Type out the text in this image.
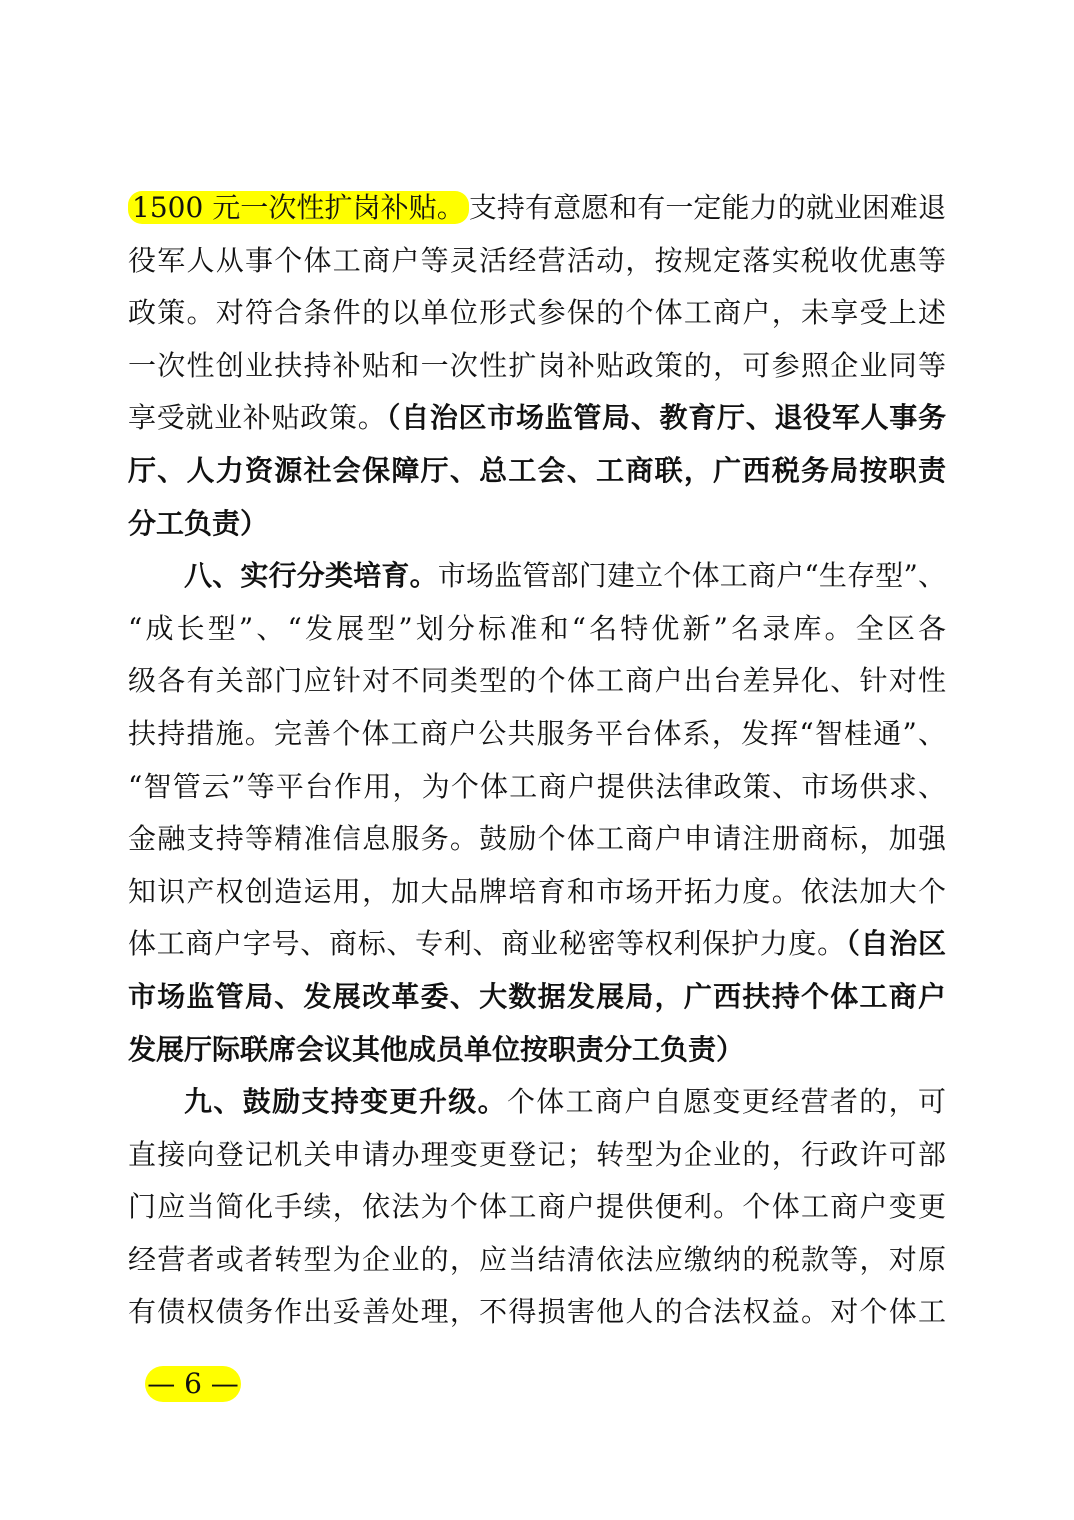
1500 元一次性扩岗补贴。 支持有意愿和有一定能力的就业困难退
役军人从事个体工商户等灵活经营活动，按规定落实税收优惠等
政策。对符合条件的以单位形式参保的个体工商户，未享受上述
一次性创业扶持补贴和一次性扩岗补贴政策的，可参照企业同等
享受就业补贴政策。（自治区市场监管局、教育厅、退役军人事务
厅、人力资源社会保障厅、总工会、工商联，广西税务局按职责
分工负责）
八、实行分类培育。市场监管部门建立个体工商户“生存型”、
“成长型”、“发展型”划分标准和“名特优新”名录库。全区各
级各有关部门应针对不同类型的个体工商户出台差异化、针对性
扶持措施。完善个体工商户公共服务平台体系，发挥“智桂通”、
“智管云”等平台作用，为个体工商户提供法律政策、市场供求、
金融支持等精准信息服务。鼓励个体工商户申请注册商标，加强
知识产权创造运用，加大品牌培育和市场开拓力度。依法加大个
体工商户字号、商标、专利、商业秘密等权利保护力度。（自治区
市场监管局、发展改革委、大数据发展局，广西扶持个体工商户
发展厅际联席会议其他成员单位按职责分工负责）
九、鼓励支持变更升级。个体工商户自愿变更经营者的，可
直接向登记机关申请办理变更登记；转型为企业的，行政许可部
门应当简化手续，依法为个体工商户提供便利。个体工商户变更
经营者或者转型为企业的，应当结清依法应缴纳的税款等，对原
有债权债务作出妥善处理，不得损害他人的合法权益。对个体工
— 6 —
